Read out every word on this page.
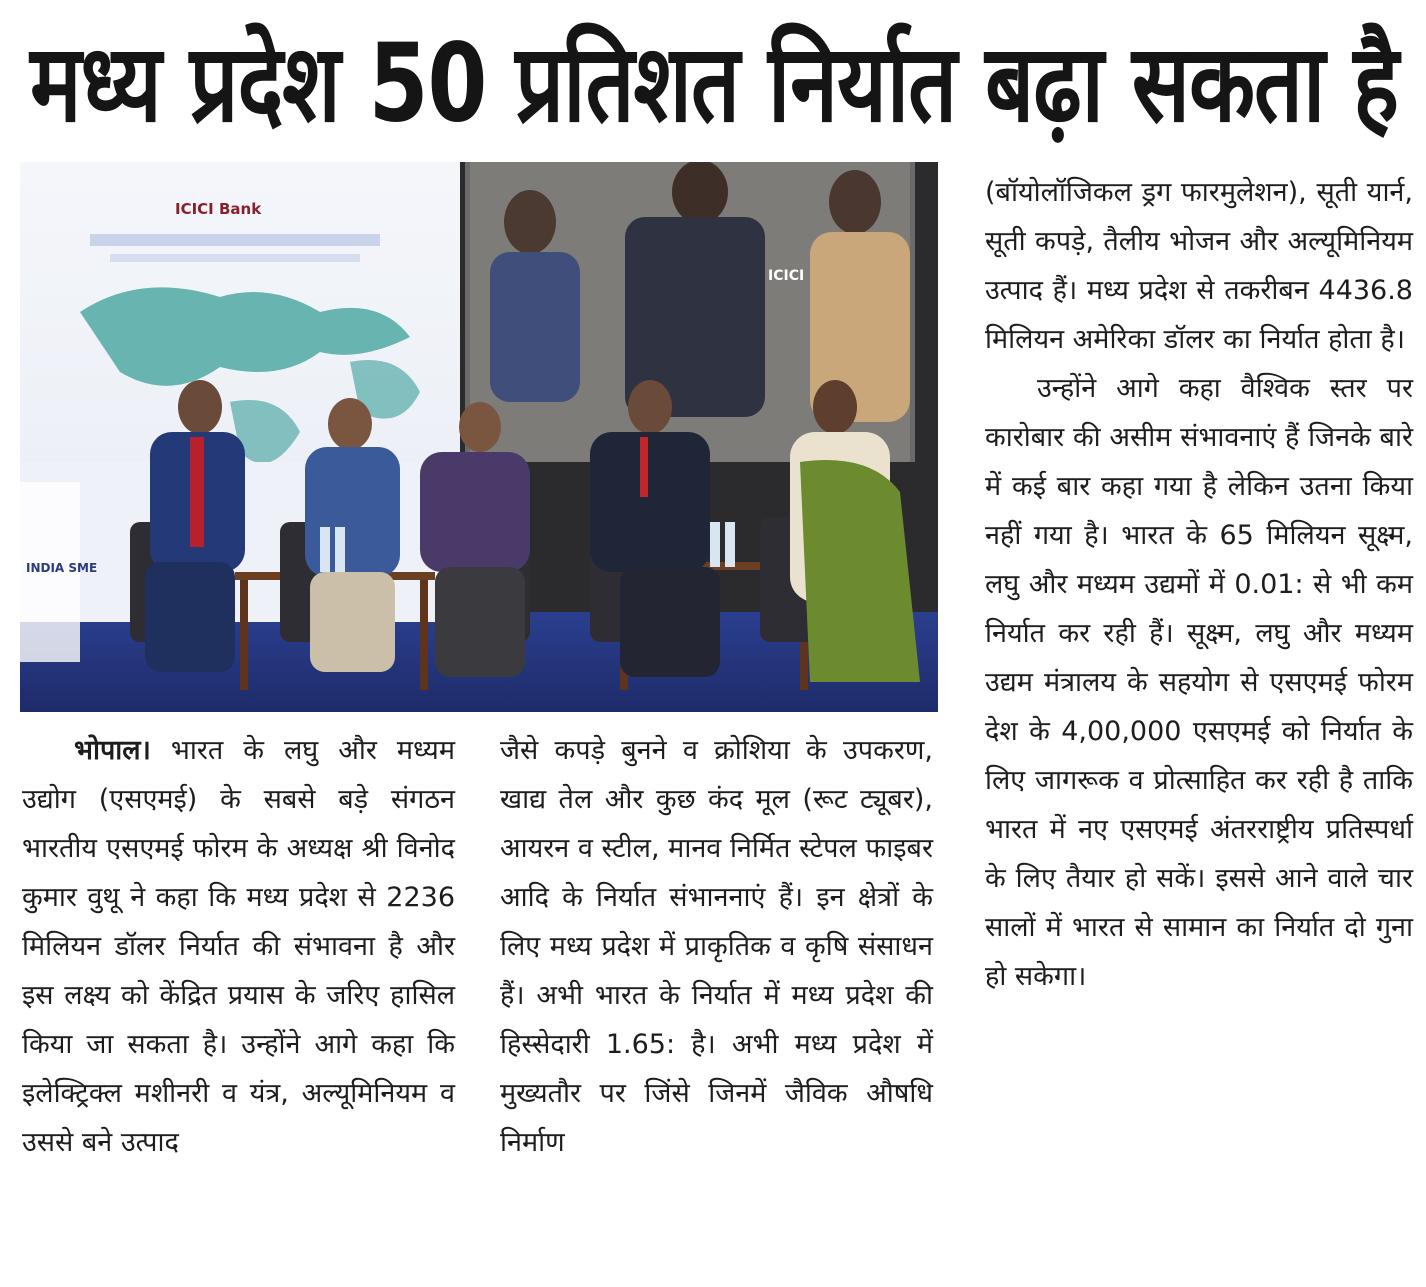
मध्य प्रदेश 50 प्रतिशत निर्यात बढ़ा सकता है
ICICI
ICICI Bank
INDIA SME

भोपाल। भारत के लघु और मध्यम उद्योग (एसएमई) के सबसे बड़े संगठन भारतीय एसएमई फोरम के अध्यक्ष श्री विनोद कुमार वुथू ने कहा कि मध्य प्रदेश से 2236 मिलियन डॉलर निर्यात की संभावना है और इस लक्ष्य को केंद्रित प्रयास के जरिए हासिल किया जा सकता है। उन्होंने आगे कहा कि इलेक्ट्रिक्ल मशीनरी व यंत्र, अल्यूमिनियम व उससे बने उत्पाद

जैसे कपड़े बुनने व क्रोशिया के उपकरण, खाद्य तेल और कुछ कंद मूल (रूट ट्यूबर), आयरन व स्टील, मानव निर्मित स्टेपल फाइबर आदि के निर्यात संभाननाएं हैं। इन क्षेत्रों के लिए मध्य प्रदेश में प्राकृतिक व कृषि संसाधन हैं। अभी भारत के निर्यात में मध्य प्रदेश की हिस्सेदारी 1.65: है। अभी मध्य प्रदेश में मुख्यतौर पर जिंसे जिनमें जैविक औषधि निर्माण

(बॉयोलॉजिकल ड्रग फारमुलेशन), सूती यार्न, सूती कपड़े, तैलीय भोजन और अल्यूमिनियम उत्पाद हैं। मध्य प्रदेश से तकरीबन 4436.8 मिलियन अमेरिका डॉलर का निर्यात होता है।

उन्होंने आगे कहा वैश्विक स्तर पर कारोबार की असीम संभावनाएं हैं जिनके बारे में कई बार कहा गया है लेकिन उतना किया नहीं गया है। भारत के 65 मिलियन सूक्ष्म, लघु और मध्यम उद्यमों में 0.01: से भी कम निर्यात कर रही हैं। सूक्ष्म, लघु और मध्यम उद्यम मंत्रालय के सहयोग से एसएमई फोरम देश के 4,00,000 एसएमई को निर्यात के लिए जागरूक व प्रोत्साहित कर रही है ताकि भारत में नए एसएमई अंतरराष्ट्रीय प्रतिस्पर्धा के लिए तैयार हो सकें। इससे आने वाले चार सालों में भारत से सामान का निर्यात दो गुना हो सकेगा।
